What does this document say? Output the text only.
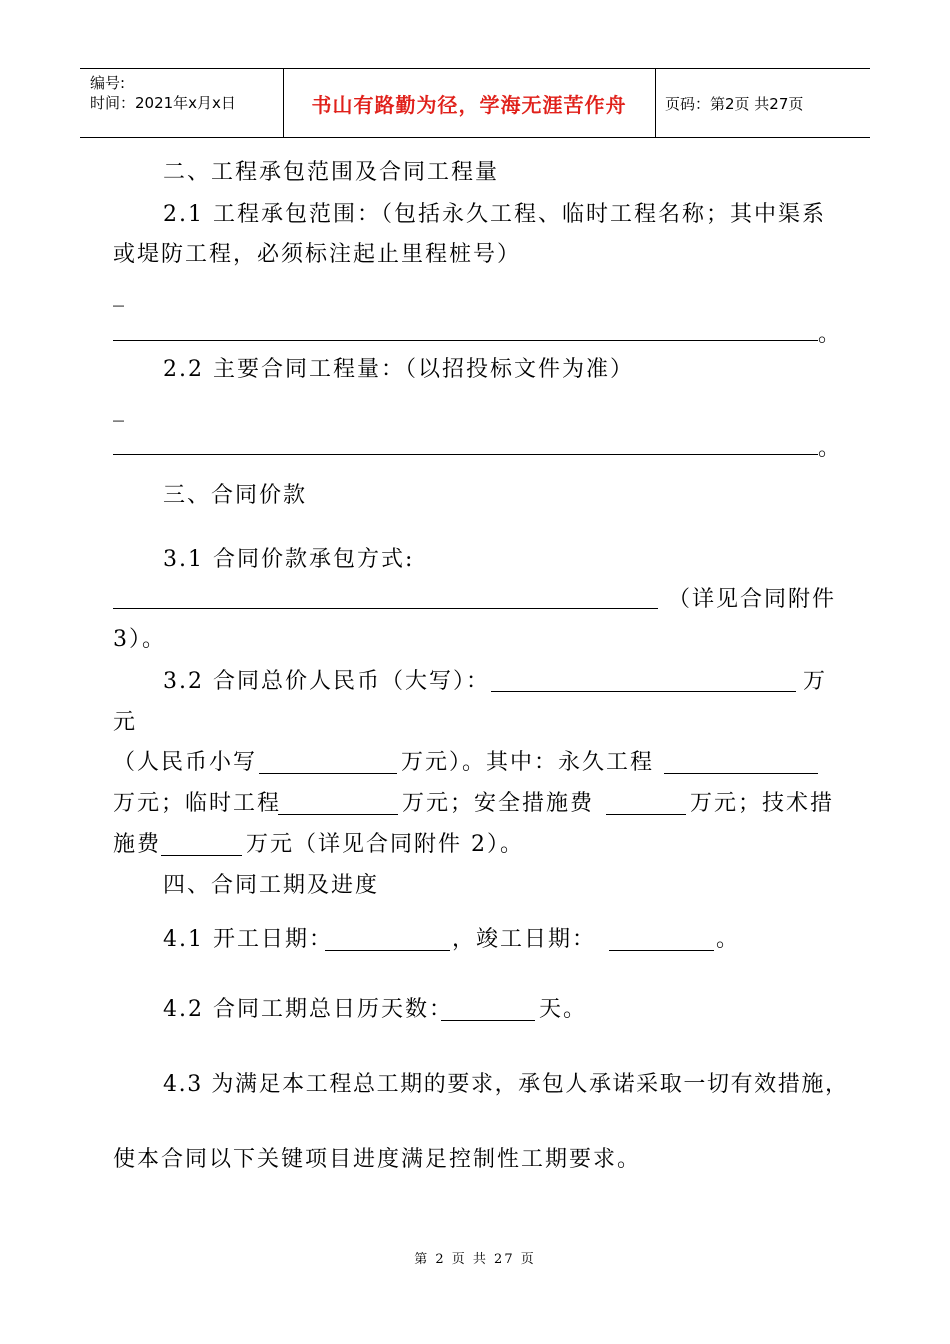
编号:
时间：2021年x月x日	书山有路勤为径，学海无涯苦作舟	页码：第2页 共27页
二、工程承包范围及合同工程量
2.1 工程承包范围：（包括永久工程、临时工程名称；其中渠系
或堤防工程，必须标注起止里程桩号）
_
。
2.2 主要合同工程量：（以招投标文件为准）
_
。
三、合同价款
3.1 合同价款承包方式:
（详见合同附件
3）。
3.2 合同总价人民币（大写）：	万
元
（人民币小写	万元）。其中：永久工程
万元；临时工程	万元；安全措施费	万元；技术措
施费	万元（详见合同附件 2）。
四、合同工期及进度
4.1 开工日期：	，竣工日期：	。
4.2 合同工期总日历天数：	天。
4.3 为满足本工程总工期的要求，承包人承诺采取一切有效措施，
使本合同以下关键项目进度满足控制性工期要求。
第 2 页 共 27 页
